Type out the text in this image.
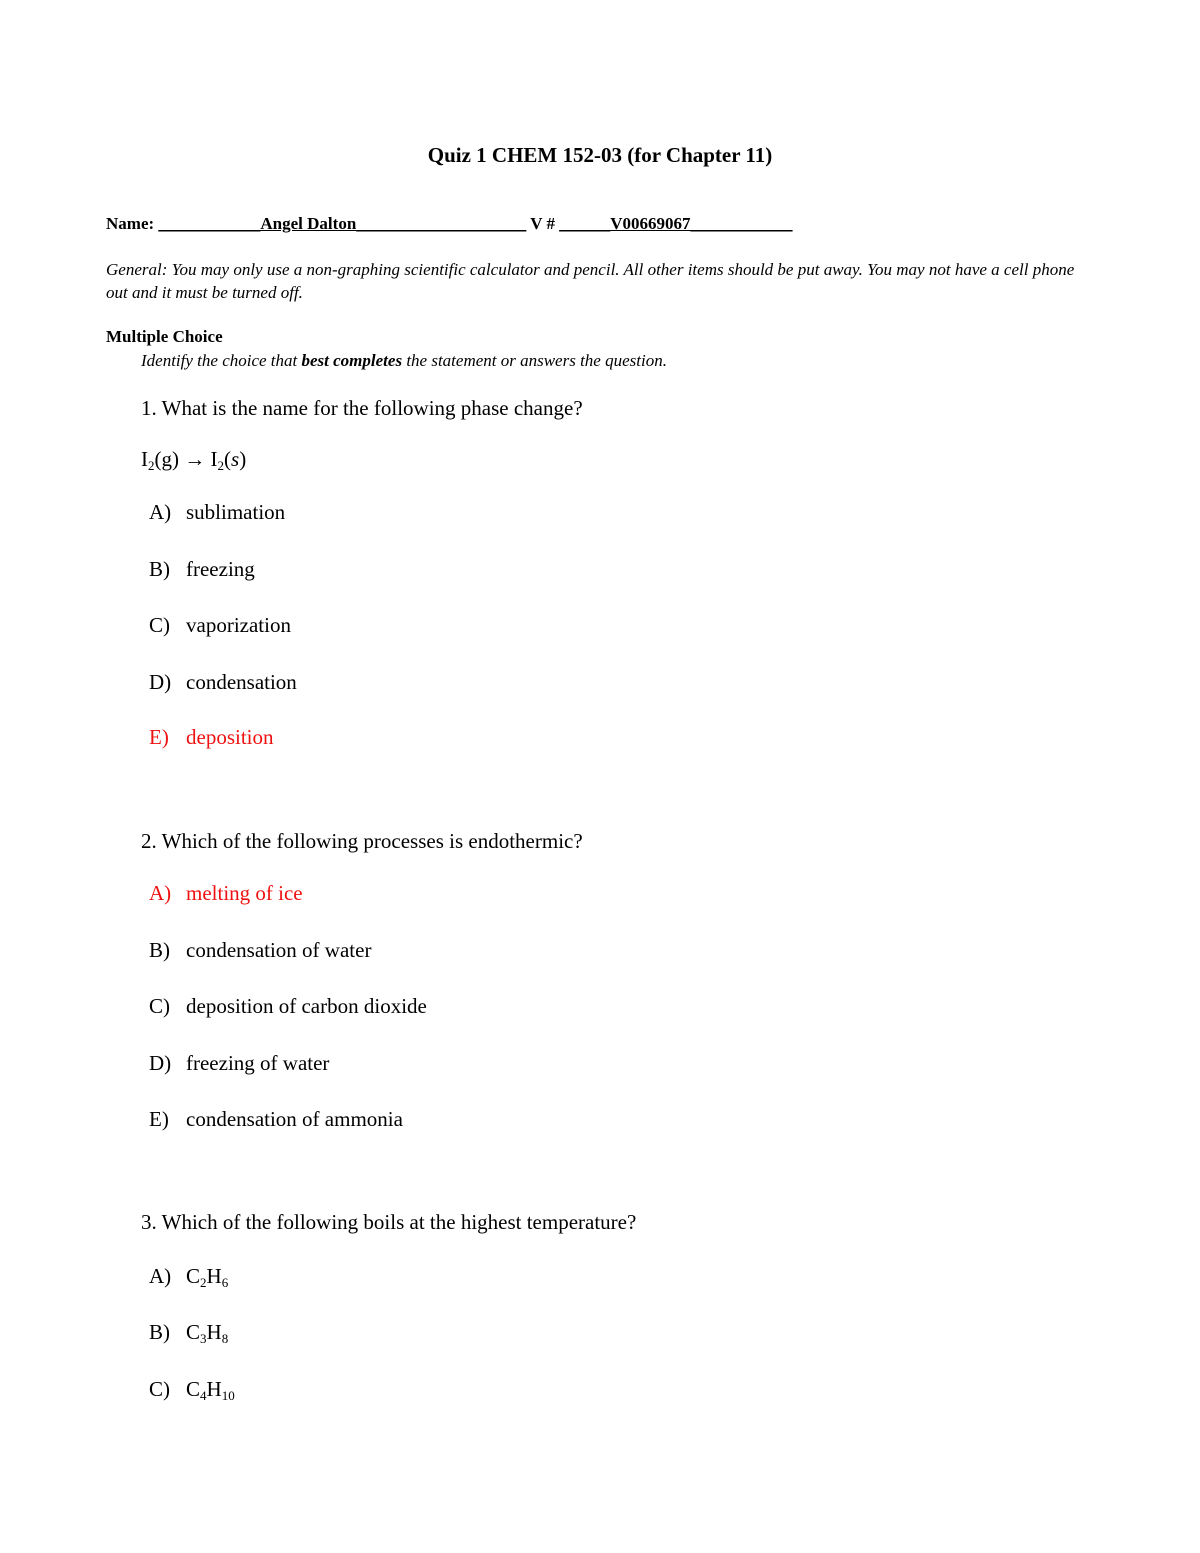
Quiz 1 CHEM 152-03 (for Chapter 11)
Name: ____________Angel Dalton____________________ V # ______V00669067____________
General: You may only use a non-graphing scientific calculator and pencil. All other items should be put away. You may not have a cell phone out and it must be turned off.
Multiple Choice
Identify the choice that best completes the statement or answers the question.
1. What is the name for the following phase change?
$I_2(g) \to I_2(s)$
A) sublimation
B) freezing
C) vaporization
D) condensation
E) deposition
2. Which of the following processes is endothermic?
A) melting of ice
B) condensation of water
C) deposition of carbon dioxide
D) freezing of water
E) condensation of ammonia
3. Which of the following boils at the highest temperature?
A) $C_2H_6$
B) $C_3H_8$
C) $C_4H_{10}$
